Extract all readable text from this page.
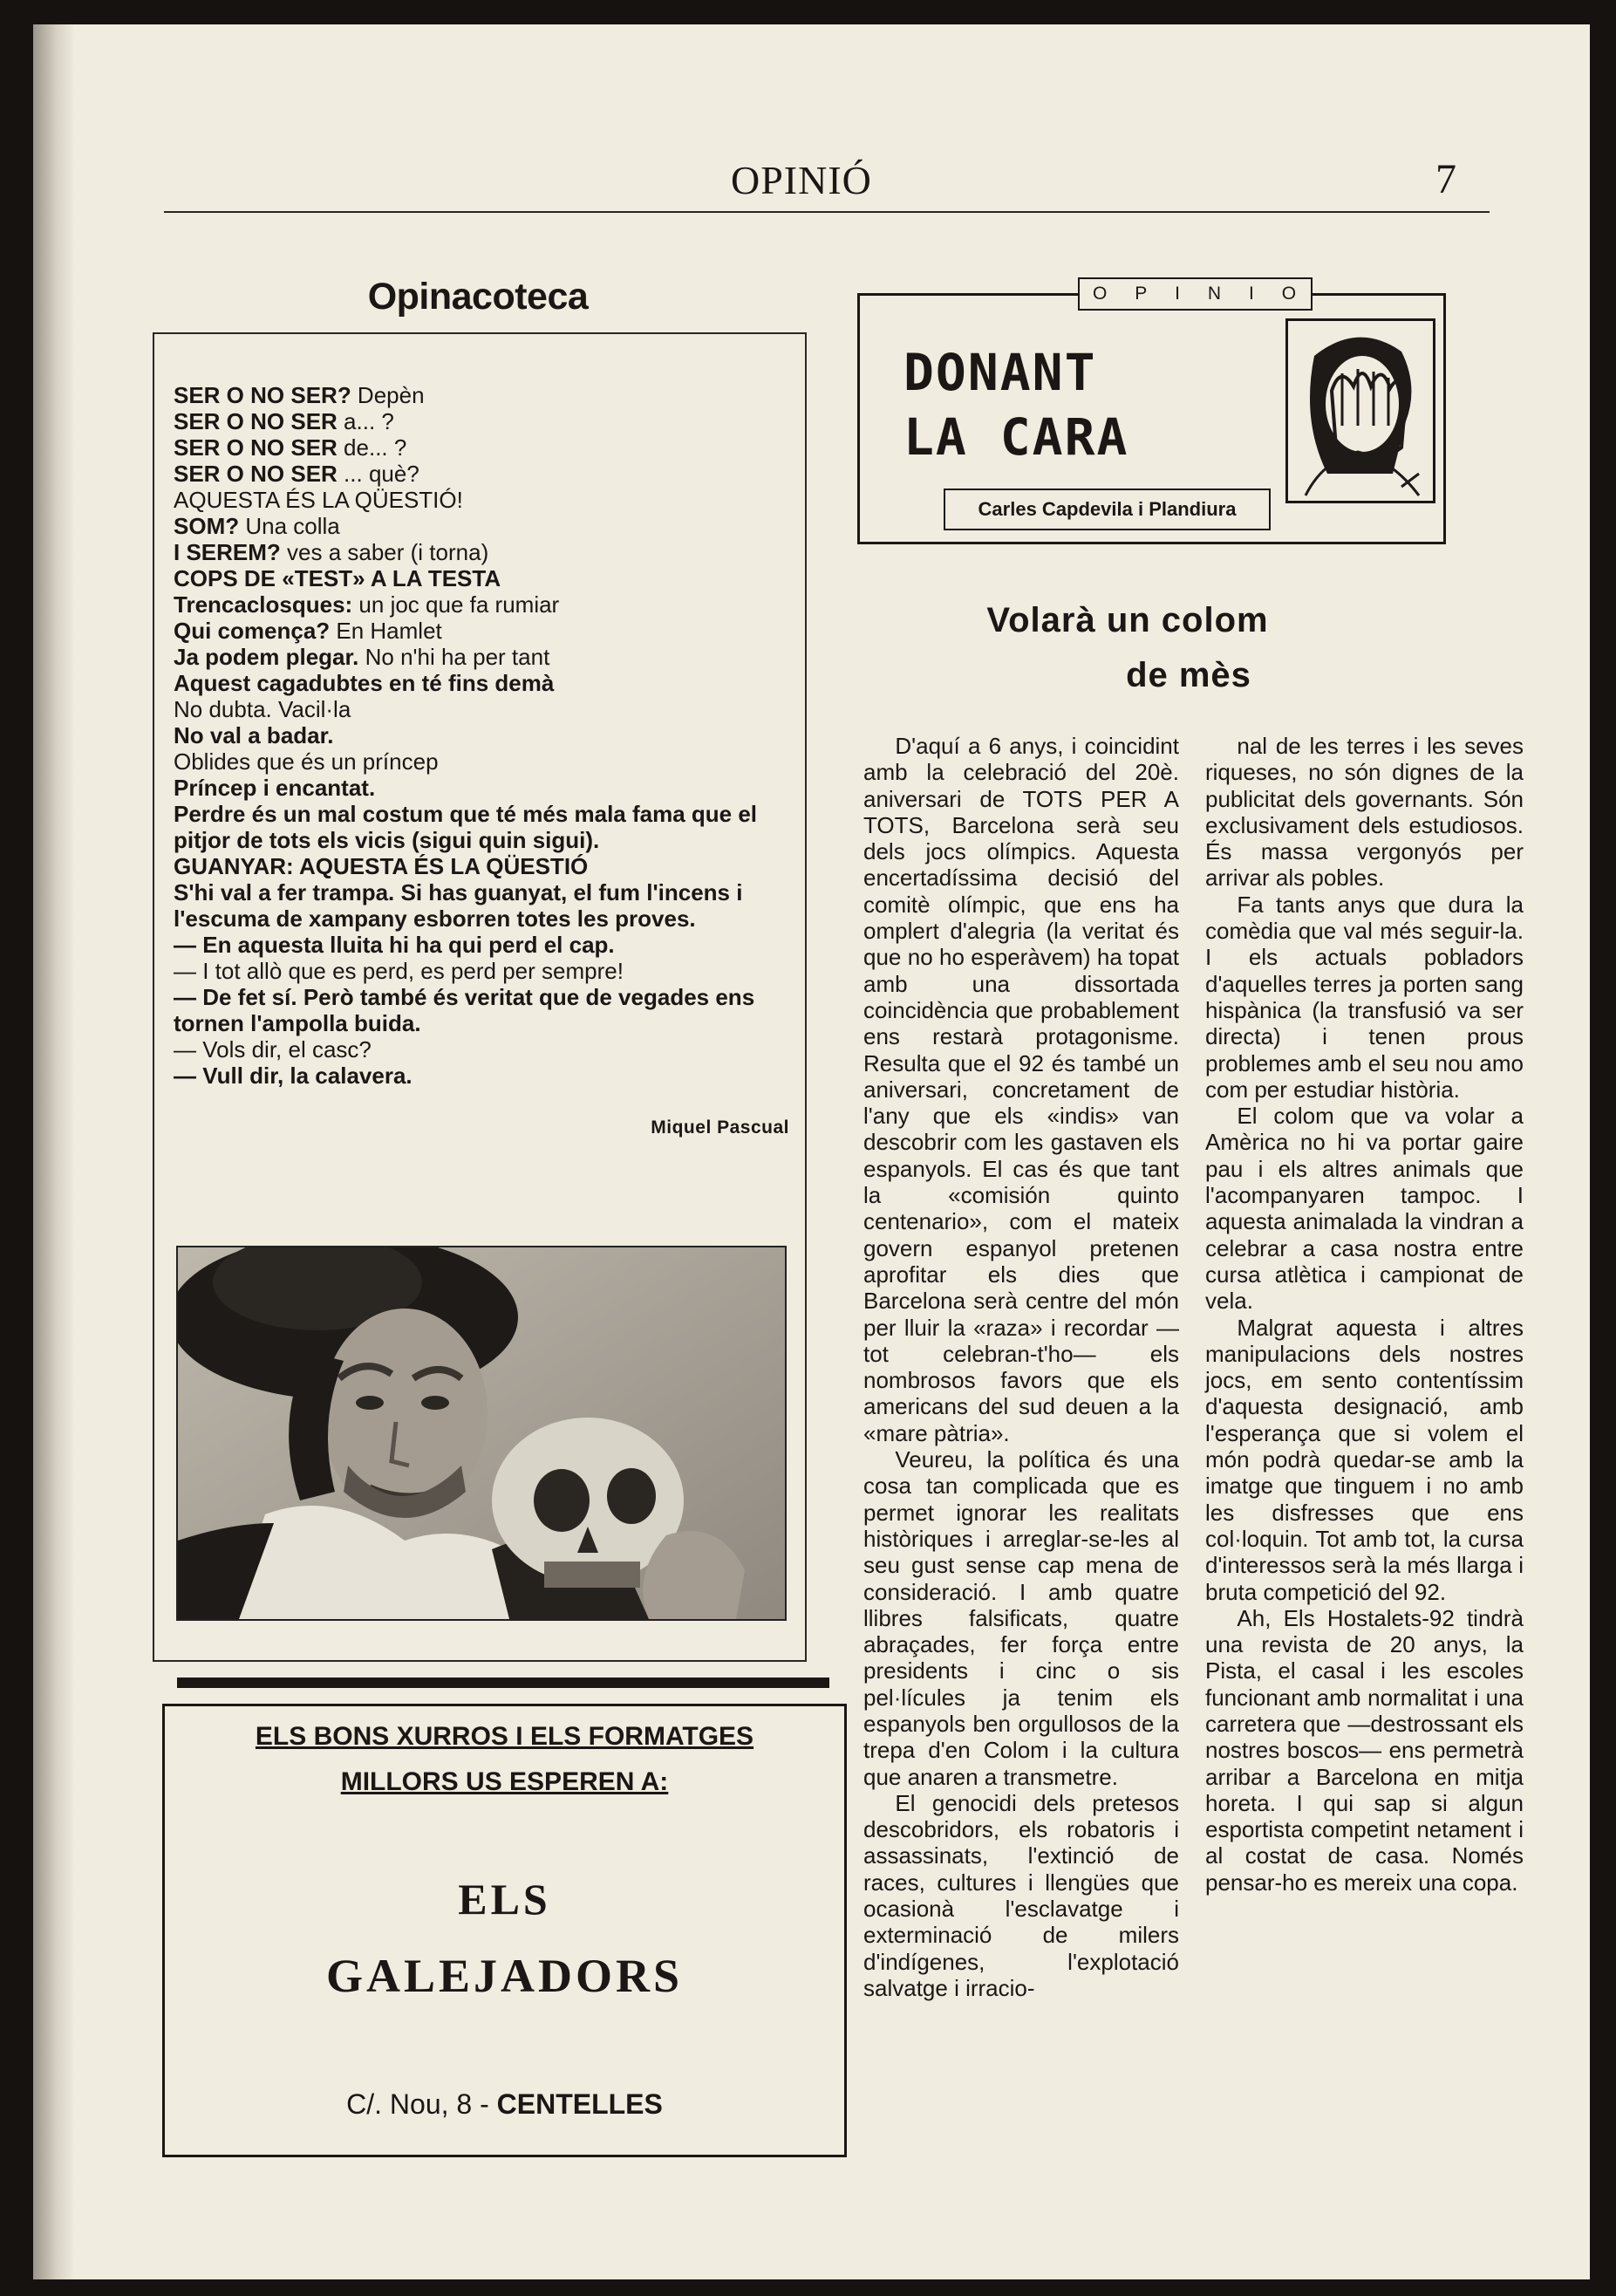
OPINIÓ	7
Opinacoteca
SER O NO SER? Depèn
SER O NO SER a... ?
SER O NO SER de... ?
SER O NO SER ... què?
AQUESTA ÉS LA QÜESTIÓ!
SOM? Una colla
I SEREM? ves a saber (i torna)
COPS DE «TEST» A LA TESTA
Trencaclosques: un joc que fa rumiar
Qui comença? En Hamlet
Ja podem plegar. No n'hi ha per tant
Aquest cagadubtes en té fins demà
No dubta. Vacil·la
No val a badar.
Oblides que és un príncep
Príncep i encantat.
Perdre és un mal costum que té més mala fama que el
pitjor de tots els vicis (sigui quin sigui).
GUANYAR: AQUESTA ÉS LA QÜESTIÓ
S'hi val a fer trampa. Si has guanyat, el fum l'incens i
l'escuma de xampany esborren totes les proves.
— En aquesta lluita hi ha qui perd el cap.
— I tot allò que es perd, es perd per sempre!
— De fet sí. Però també és veritat que de vegades ens
tornen l'ampolla buida.
— Vols dir, el casc?
— Vull dir, la calavera.
Miquel Pascual
ELS BONS XURROS I ELS FORMATGES
MILLORS US ESPEREN A:
ELS
GALEJADORS
C/. Nou, 8 - CENTELLES
O P I N I O
DONANT
LA CARA
Carles Capdevila i Plandiura
Volarà un colom
de mès

D'aquí a 6 anys, i coincidint amb la celebració del 20è. aniversari de TOTS PER A TOTS, Barcelona serà seu dels jocs olímpics. Aquesta encertadíssima decisió del comitè olímpic, que ens ha omplert d'alegria (la veritat és que no ho esperàvem) ha topat amb una dissortada coincidència que probablement ens restarà protagonisme. Resulta que el 92 és també un aniversari, concretament de l'any que els «indis» van descobrir com les gastaven els espanyols. El cas és que tant la «comisión quinto centenario», com el mateix govern espanyol pretenen aprofitar els dies que Barcelona serà centre del món per lluir la «raza» i recordar —tot celebran-t'ho— els nombrosos favors que els americans del sud deuen a la «mare pàtria».

Veureu, la política és una cosa tan complicada que es permet ignorar les realitats històriques i arreglar-se-les al seu gust sense cap mena de consideració. I amb quatre llibres falsificats, quatre abraçades, fer força entre presidents i cinc o sis pel·lícules ja tenim els espanyols ben orgullosos de la trepa d'en Colom i la cultura que anaren a transmetre.

El genocidi dels pretesos descobridors, els robatoris i assassinats, l'extinció de races, cultures i llengües que ocasionà l'esclavatge i exterminació de milers d'indígenes, l'explotació salvatge i irracio-

nal de les terres i les seves riqueses, no són dignes de la publicitat dels governants. Són exclusivament dels estudiosos. És massa vergonyós per arrivar als pobles.

Fa tants anys que dura la comèdia que val més seguir-la. I els actuals pobladors d'aquelles terres ja porten sang hispànica (la transfusió va ser directa) i tenen prous problemes amb el seu nou amo com per estudiar història.

El colom que va volar a Amèrica no hi va portar gaire pau i els altres animals que l'acompanyaren tampoc. I aquesta animalada la vindran a celebrar a casa nostra entre cursa atlètica i campionat de vela.

Malgrat aquesta i altres manipulacions dels nostres jocs, em sento contentíssim d'aquesta designació, amb l'esperança que si volem el món podrà quedar-se amb la imatge que tinguem i no amb les disfresses que ens col·loquin. Tot amb tot, la cursa d'interessos serà la més llarga i bruta competició del 92.

Ah, Els Hostalets-92 tindrà una revista de 20 anys, la Pista, el casal i les escoles funcionant amb normalitat i una carretera que —destrossant els nostres boscos— ens permetrà arribar a Barcelona en mitja horeta. I qui sap si algun esportista competint netament i al costat de casa. Només pensar-ho es mereix una copa.
